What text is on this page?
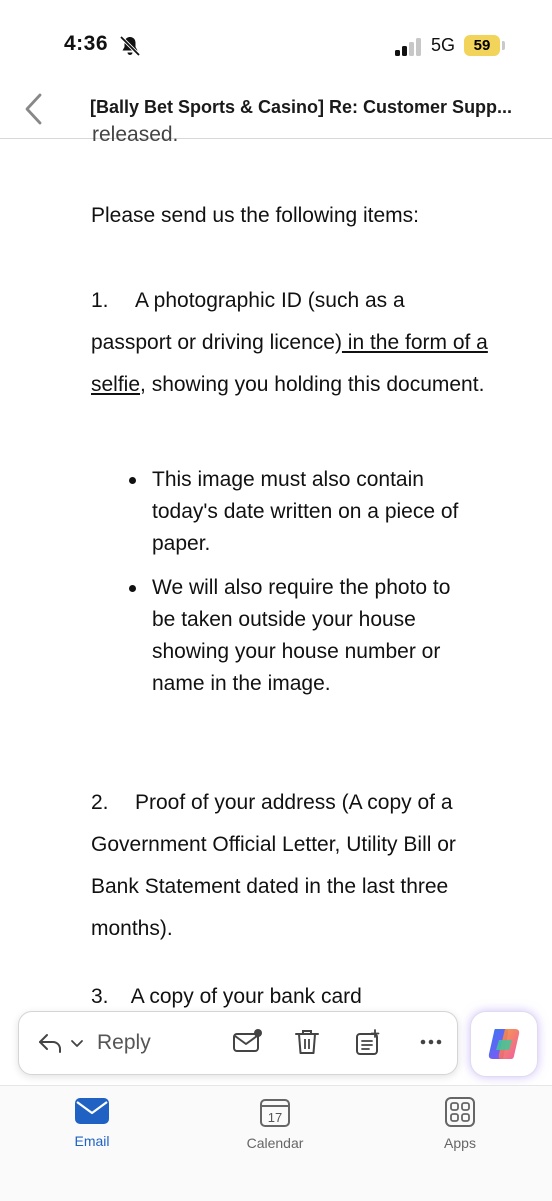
4:36	5G	59
[Bally Bet Sports & Casino] Re: Customer Supp...
released.
Please send us the following items:
1. A photographic ID (such as a passport or driving licence) in the form of a selfie, showing you holding this document.
This image must also contain today's date written on a piece of paper.
We will also require the photo to be taken outside your house showing your house number or name in the image.
2. Proof of your address (A copy of a Government Official Letter, Utility Bill or Bank Statement dated in the last three   months).
3.    A copy of your bank card
Reply
Email
17
Calendar	Apps
